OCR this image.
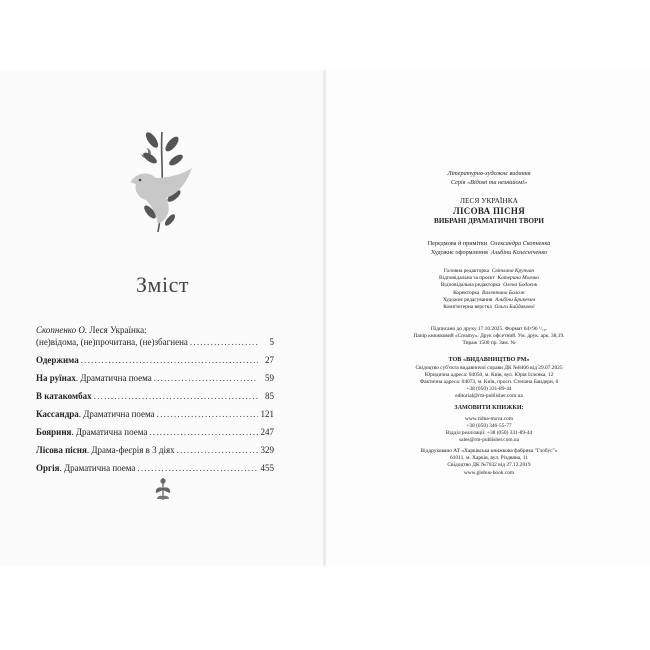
Зміст
Скопненко О. Леся Українка:
(не)відома, (не)прочитана, (не)збагнена .....	5
Одержима .....	27
На руїнах. Драматична поема .....	59
В катакомбах .....	85
Кассандра. Драматична поема .....	121
Бояриня. Драматична поема .....	247
Лісова пісня. Драма-феєрія в 3 діях .....	329
Оргія. Драматична поема .....	455
Літературно-художнє видання
Серія «Відомі та незнайомі»
ЛЕСЯ УКРАЇНКА
ЛІСОВА ПІСНЯ
ВИБРАНІ ДРАМАТИЧНІ ТВОРИ
Передмова й примітки Олександра Скопненка
Художнє оформлення Альбіни Колесніченко
Головна редакторка Світлана Крупчан
Відповідальна за проєкт Катерина Молчко
Відповідальна редакторка Олена Бодаєнк
Коректорка Валентина Балаж
Художнє редагування Альбіни Брикевич
Комп'ютерна верстка Ольги Байдакової
Підписано до друку 17.10.2025. Формат 64×96 ¹/₁₆.
Папір книжковий «Creamy». Друк офсетний. Ум. друк. арк. 38,19.
Тираж 1500 пр. Зам. №
ТОВ «ВИДАВНИЦТВО РМ»
Свідоцтво суб'єкта видавничої справи ДК №8406 від 29.07.2025
Юридична адреса: 04050, м. Київ, вул. Юрія Іллєнка, 12
Фактична адреса: 04073, м. Київ, просп. Степана Бандери, 6
+38 (050) 331-89-44
editorial@rm-publisher.com.ua
ЗАМОВИТИ КНИЖКИ:
www.ridna-mova.com
+38 (050) 346-55-77
Відділ реалізації: +38 (050) 331-89-44
sales@rm-publisher.com.ua
Віддруковано АТ «Харківська книжкова фабрика "Глобус"»
61011, м. Харків, вул. Різдвяна, 11
Свідоцтво ДК №7032 від 27.12.2019
www.globus-book.com
